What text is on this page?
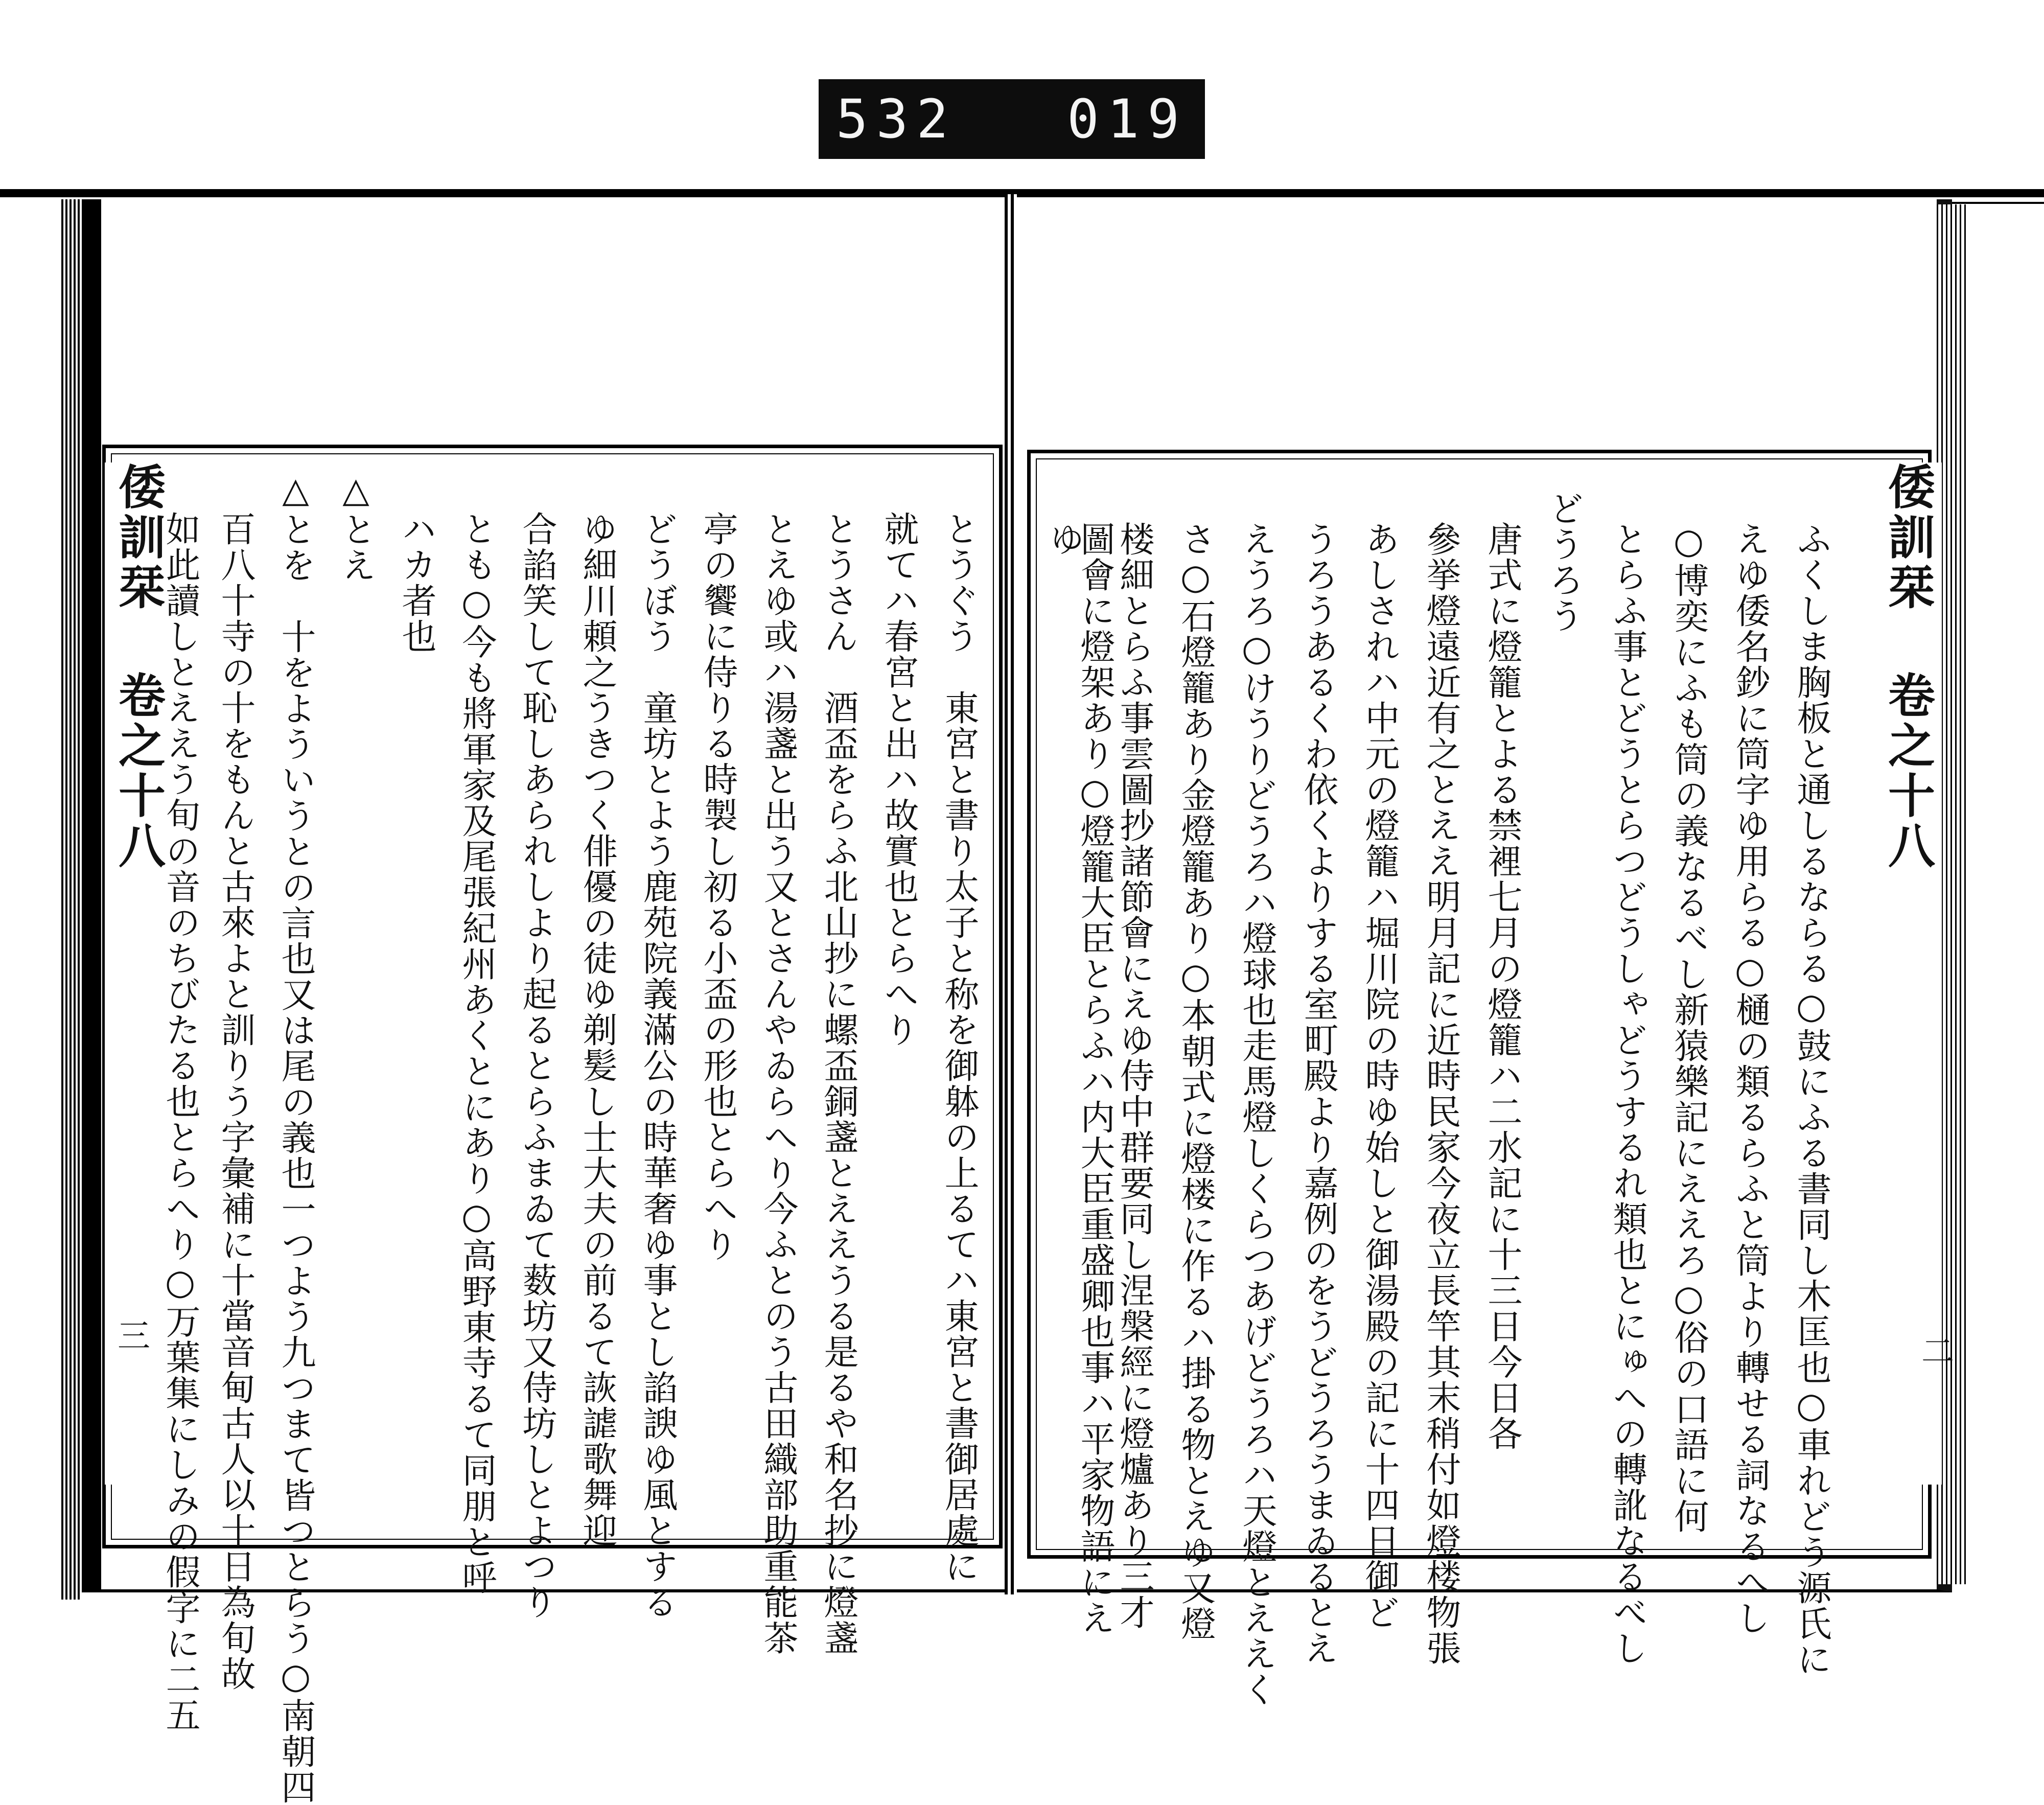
532 019
倭訓栞 卷之十八
二
ふくしま胸板と通しるならる○鼓にふる書同し木匡也○車れどう源氏に
えゆ倭名鈔に筒字ゆ用らる○樋の類るらふと筒より轉せる詞なるへし
○博奕にふも筒の義なるべし新猿樂記にええろ○俗の口語に何
とらふ事とどうとらつどうしゃどうするれ類也とにゅへの轉訛なるべし
どうろう
唐式に燈籠とよる禁裡七月の燈籠ハ二水記に十三日今日各
參挙燈遠近有之とええ明月記に近時民家今夜立長竿其末稍付如燈楼物張
あしされハ中元の燈籠ハ堀川院の時ゆ始しと御湯殿の記に十四日御ど
うろうあるくわ依くよりする室町殿より嘉例のをうどうろうまゐるとえ
えうろ○けうりどうろハ燈球也走馬燈しくらつあげどうろハ天燈とええく
さ○石燈籠あり金燈籠あり○本朝式に燈楼に作るハ掛る物とえゆ又燈
楼細とらふ事雲圖抄諸節會にえゆ侍中群要同し涅槃經に燈爐あり三才
圖會に燈架あり○燈籠大臣とらふハ内大臣重盛卿也事ハ平家物語にえ
倭訓栞 卷之十八
三	とうぐう　東宮と書り太子と称を御躰の上るてハ東宮と書御居處に
就てハ春宮と出ハ故實也とらへり
とうさん　酒盃をらふ北山抄に螺盃銅盞とええうる是るや和名抄に燈盞
とえゆ或ハ湯盞と出う又とさんやゐらへり今ふとのう古田織部助重能茶
亭の饗に侍りる時製し初る小盃の形也とらへり
どうぼう　童坊とよう鹿苑院義滿公の時華奢ゆ事とし諂諛ゆ風とする
ゆ細川頼之うきつく俳優の徒ゆ剃髪し士大夫の前るて詼謔歌舞迎
合諂笑して恥しあられしより起るとらふまゐて薮坊又侍坊しとよつり
とも○今も將軍家及尾張紀州あくとにあり○高野東寺るて同朋と呼
ハカ者也
△とえ
△とを　十をよういうとの言也又は尾の義也一つよう九つまて皆つとらう○南朝四
百八十寺の十をもんと古來よと訓りう字彙補に十當音甸古人以十日為旬故
如此讀しとええう旬の音のちびたる也とらへり○万葉集にしみの假字に二五	ゆ
